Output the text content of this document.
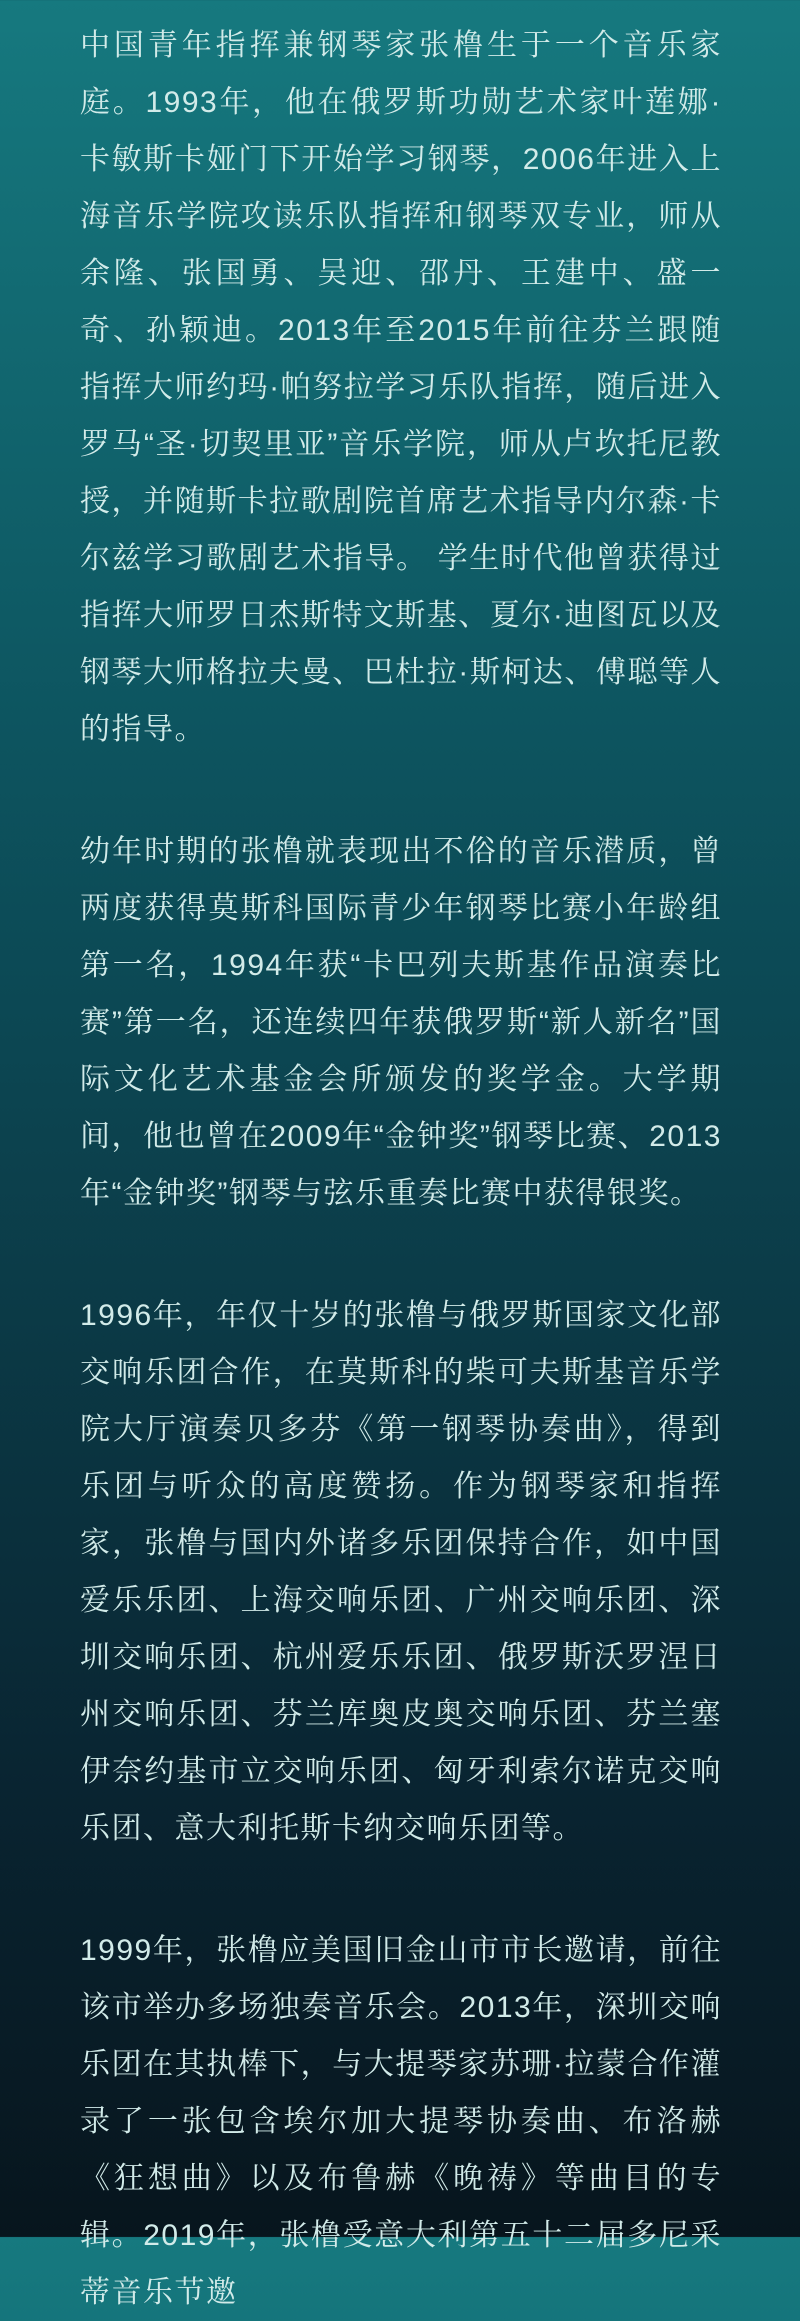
中国青年指挥兼钢琴家张橹生于一个音乐家庭。1993年，他在俄罗斯功勋艺术家叶莲娜·卡敏斯卡娅门下开始学习钢琴，2006年进入上海音乐学院攻读乐队指挥和钢琴双专业，师从余隆、张国勇、吴迎、邵丹、王建中、盛一奇、孙颖迪。2013年至2015年前往芬兰跟随指挥大师约玛·帕努拉学习乐队指挥，随后进入罗马“圣·切契里亚”音乐学院，师从卢坎托尼教授，并随斯卡拉歌剧院首席艺术指导内尔森·卡尔兹学习歌剧艺术指导。 学生时代他曾获得过指挥大师罗日杰斯特文斯基、夏尔·迪图瓦以及钢琴大师格拉夫曼、巴杜拉·斯柯达、傅聪等人的指导。

幼年时期的张橹就表现出不俗的音乐潜质，曾两度获得莫斯科国际青少年钢琴比赛小年龄组第一名，1994年获“卡巴列夫斯基作品演奏比赛”第一名，还连续四年获俄罗斯“新人新名”国际文化艺术基金会所颁发的奖学金。大学期间，他也曾在2009年“金钟奖”钢琴比赛、2013年“金钟奖”钢琴与弦乐重奏比赛中获得银奖。

1996年，年仅十岁的张橹与俄罗斯国家文化部交响乐团合作，在莫斯科的柴可夫斯基音乐学院大厅演奏贝多芬《第一钢琴协奏曲》，得到乐团与听众的高度赞扬。作为钢琴家和指挥家，张橹与国内外诸多乐团保持合作，如中国爱乐乐团、上海交响乐团、广州交响乐团、深圳交响乐团、杭州爱乐乐团、俄罗斯沃罗涅日州交响乐团、芬兰库奥皮奥交响乐团、芬兰塞伊奈约基市立交响乐团、匈牙利索尔诺克交响乐团、意大利托斯卡纳交响乐团等。

1999年，张橹应美国旧金山市市长邀请，前往该市举办多场独奏音乐会。2013年，深圳交响乐团在其执棒下，与大提琴家苏珊·拉蒙合作灌录了一张包含埃尔加大提琴协奏曲、布洛赫《狂想曲》以及布鲁赫《晚祷》等曲目的专辑。2019年，张橹受意大利第五十二届多尼采蒂音乐节邀
